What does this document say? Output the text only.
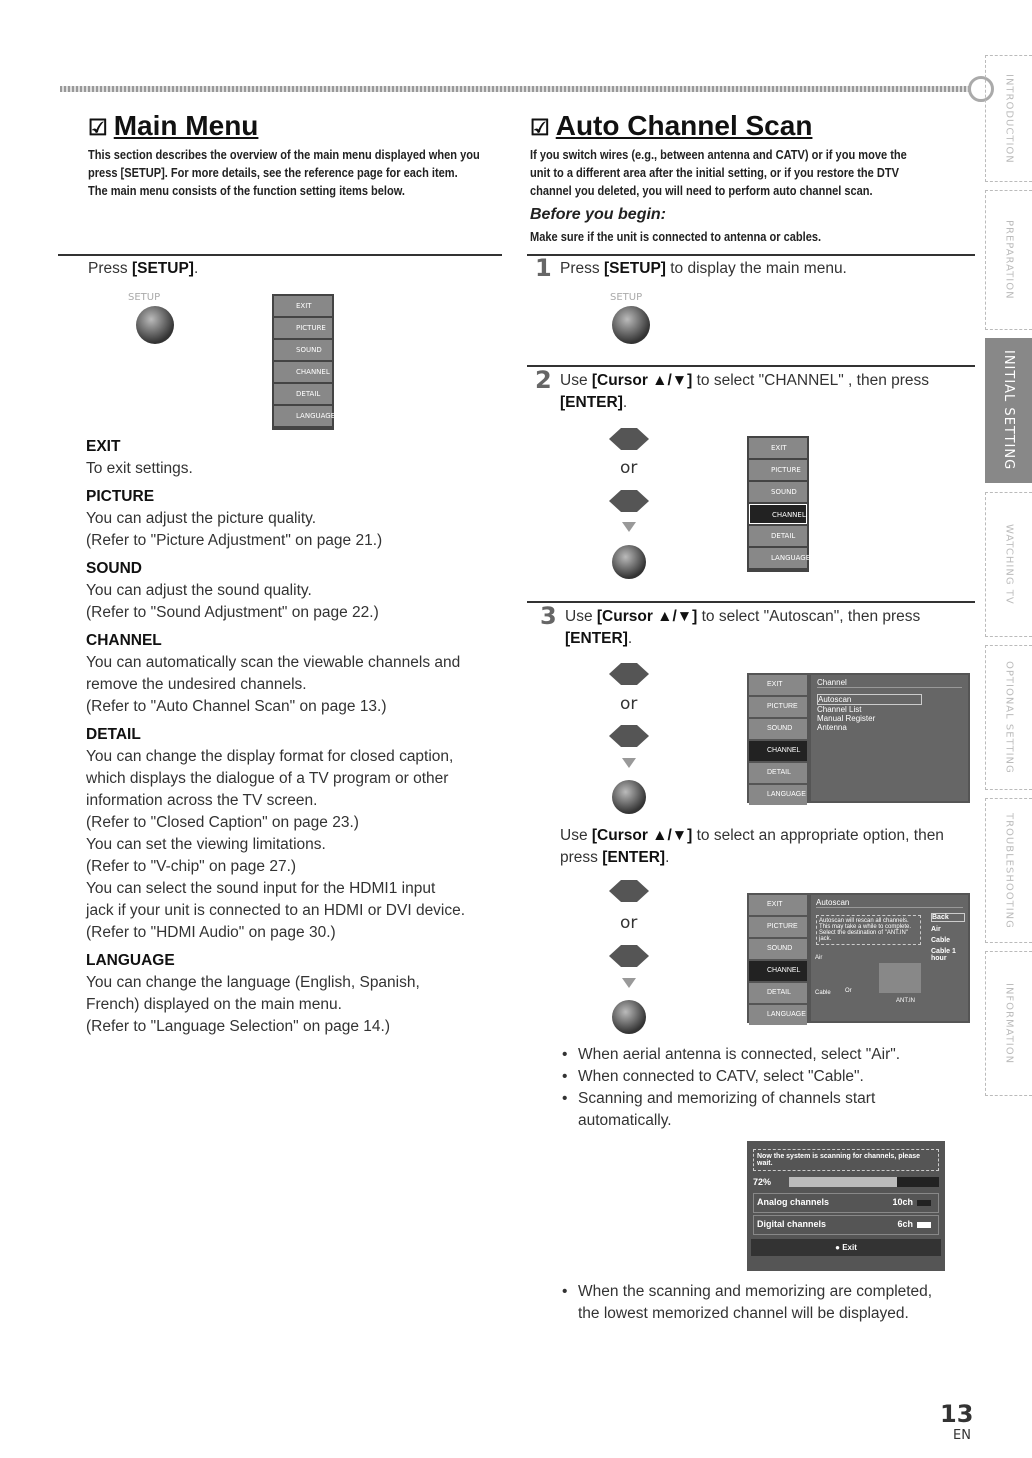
☑ Main Menu
This section describes the overview of the main menu displayed when you
press [SETUP]. For more details, see the reference page for each item.
The main menu consists of the function setting items below.
Press [SETUP].
SETUP
EXIT
PICTURE
SOUND
CHANNEL
DETAIL
LANGUAGE
EXIT
To exit settings.
PICTURE
You can adjust the picture quality.
(Refer to "Picture Adjustment" on page 21.)
SOUND
You can adjust the sound quality.
(Refer to "Sound Adjustment" on page 22.)
CHANNEL
You can automatically scan the viewable channels and
remove the undesired channels.
(Refer to "Auto Channel Scan" on page 13.)
DETAIL
You can change the display format for closed caption,
which displays the dialogue of a TV program or other
information across the TV screen.
(Refer to "Closed Caption" on page 23.)
You can set the viewing limitations.
(Refer to "V-chip" on page 27.)
You can select the sound input for the HDMI1 input
jack if your unit is connected to an HDMI or DVI device.
(Refer to "HDMI Audio" on page 30.)
LANGUAGE
You can change the language (English, Spanish,
French) displayed on the main menu.
(Refer to "Language Selection" on page 14.)
☑ Auto Channel Scan
If you switch wires (e.g., between antenna and CATV) or if you move the
unit to a different area after the initial setting, or if you restore the DTV
channel you deleted, you will need to perform auto channel scan.
Before you begin:
Make sure if the unit is connected to antenna or cables.
1 Press [SETUP] to display the main menu.
SETUP
2 Use [Cursor ▲/▼] to select "CHANNEL" , then press
[ENTER].
or
EXIT
PICTURE
SOUND
CHANNEL
DETAIL
LANGUAGE
3 Use [Cursor ▲/▼] to select "Autoscan", then press
[ENTER].
or
EXIT
PICTURE
SOUND
CHANNEL
DETAIL
LANGUAGE
Channel
Autoscan
Channel List
Manual Register
Antenna
Use [Cursor ▲/▼] to select an appropriate option, then
press [ENTER].
or
EXIT
PICTURE
SOUND
CHANNEL
DETAIL
LANGUAGE
Autoscan
Autoscan will rescan all channels.
This may take a while to complete.
Select the destination of "ANT.IN" jack.
Air
Cable Or
ANT.IN
Back
Air
Cable
Cable 1 hour
• When aerial antenna is connected, select "Air".
• When connected to CATV, select "Cable".
• Scanning and memorizing of channels start automatically.
Now the system is scanning for channels, please wait.
72%
Analog channels	10ch
Digital channels	6ch
● Exit
• When the scanning and memorizing are completed,
the lowest memorized channel will be displayed.
INTRODUCTION
PREPARATION
INITIAL SETTING
WATCHING TV
OPTIONAL SETTING
TROUBLESHOOTING
INFORMATION
13
EN
